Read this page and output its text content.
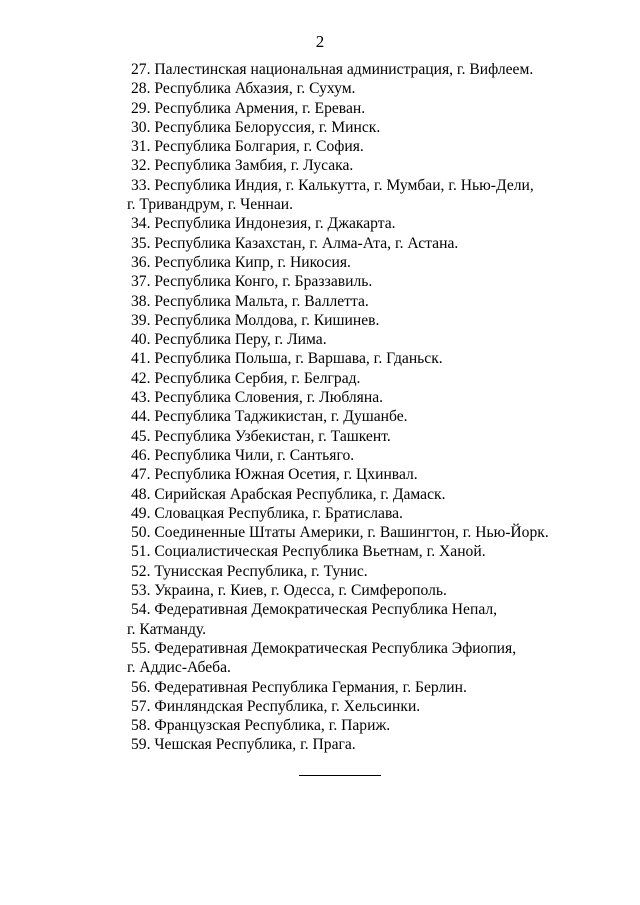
2
27. Палестинская национальная администрация, г. Вифлеем.
28. Республика Абхазия, г. Сухум.
29. Республика Армения, г. Ереван.
30. Республика Белоруссия, г. Минск.
31. Республика Болгария, г. София.
32. Республика Замбия, г. Лусака.
33. Республика Индия, г. Калькутта, г. Мумбаи, г. Нью-Дели,
г. Тривандрум, г. Ченнаи.
34. Республика Индонезия, г. Джакарта.
35. Республика Казахстан, г. Алма-Ата, г. Астана.
36. Республика Кипр, г. Никосия.
37. Республика Конго, г. Браззавиль.
38. Республика Мальта, г. Валлетта.
39. Республика Молдова, г. Кишинев.
40. Республика Перу, г. Лима.
41. Республика Польша, г. Варшава, г. Гданьск.
42. Республика Сербия, г. Белград.
43. Республика Словения, г. Любляна.
44. Республика Таджикистан, г. Душанбе.
45. Республика Узбекистан, г. Ташкент.
46. Республика Чили, г. Сантьяго.
47. Республика Южная Осетия, г. Цхинвал.
48. Сирийская Арабская Республика, г. Дамаск.
49. Словацкая Республика, г. Братислава.
50. Соединенные Штаты Америки, г. Вашингтон, г. Нью-Йорк.
51. Социалистическая Республика Вьетнам, г. Ханой.
52. Тунисская Республика, г. Тунис.
53. Украина, г. Киев, г. Одесса, г. Симферополь.
54. Федеративная Демократическая Республика Непал,
г. Катманду.
55. Федеративная Демократическая Республика Эфиопия,
г. Аддис-Абеба.
56. Федеративная Республика Германия, г. Берлин.
57. Финляндская Республика, г. Хельсинки.
58. Французская Республика, г. Париж.
59. Чешская Республика, г. Прага.
